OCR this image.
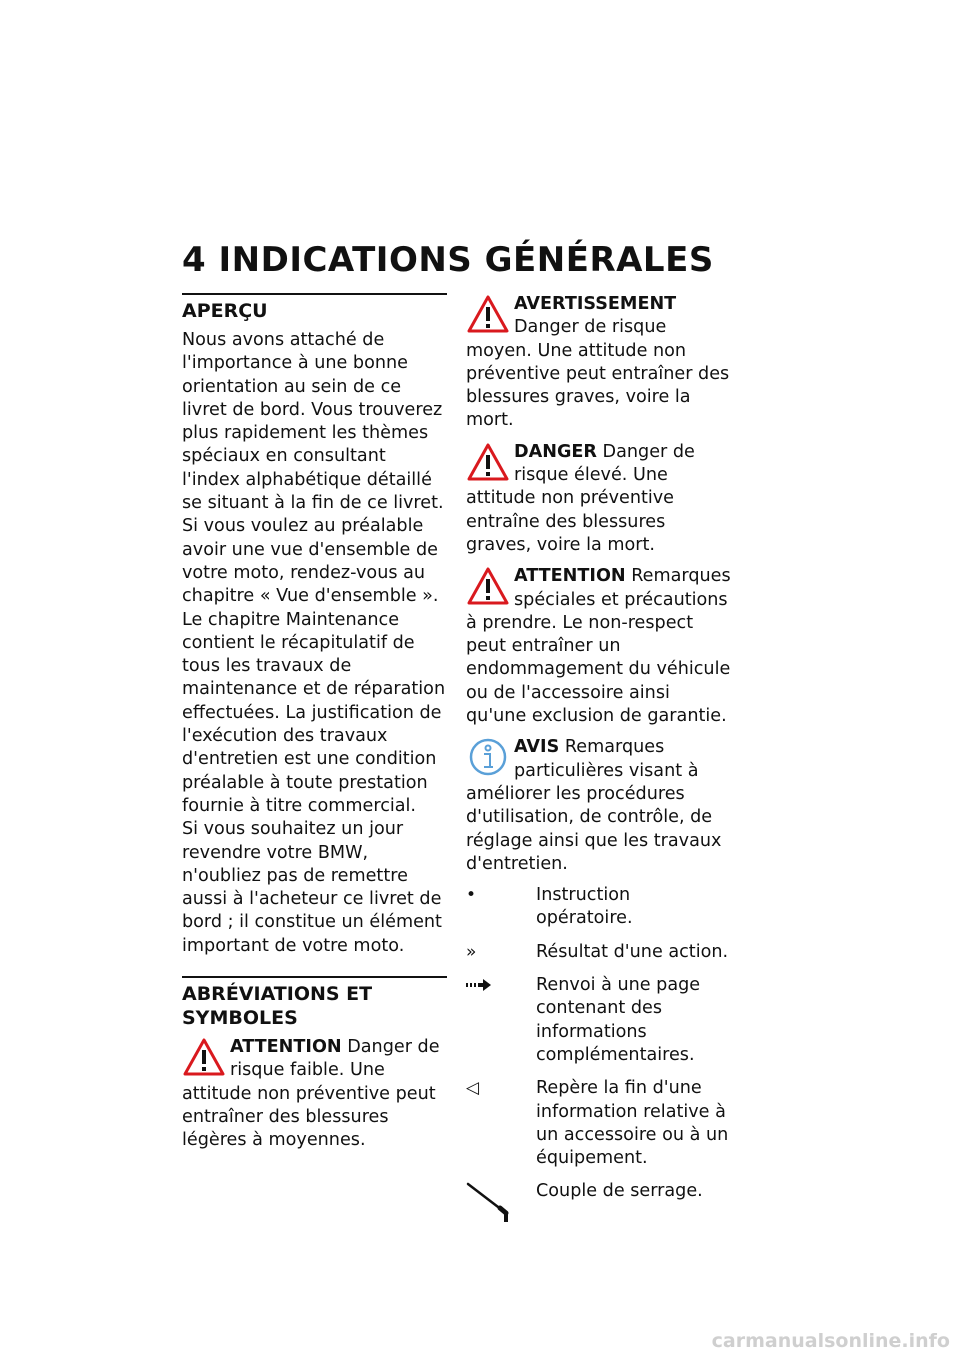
4 INDICATIONS GÉNÉRALES
APERÇU

Nous avons attaché de l'importance à une bonne orientation au sein de ce livret de bord. Vous trouverez plus rapidement les thèmes spéciaux en consultant l'index alphabétique détaillé se situant à la fin de ce livret. Si vous voulez au préalable avoir une vue d'ensemble de votre moto, rendez-vous au chapitre « Vue d'ensemble ». Le chapitre Maintenance contient le récapitulatif de tous les travaux de maintenance et de réparation effectuées. La justification de l'exécution des travaux d'entretien est une condition préalable à toute prestation fournie à titre commercial.

Si vous souhaitez un jour revendre votre BMW, n'oubliez pas de remettre aussi à l'acheteur ce livret de bord ; il constitue un élément important de votre moto.

ABRÉVIATIONS ET SYMBOLES

ATTENTION Danger de risque faible. Une attitude non préventive peut entraîner des blessures légères à moyennes.

AVERTISSEMENT Danger de risque moyen. Une attitude non préventive peut entraîner des blessures graves, voire la mort.

DANGER Danger de risque élevé. Une attitude non préventive entraîne des blessures graves, voire la mort.

ATTENTION Remarques spéciales et précautions à prendre. Le non-respect peut entraîner un endommagement du véhicule ou de l'accessoire ainsi qu'une exclusion de garantie.

AVIS Remarques particulières visant à améliorer les procédures d'utilisation, de contrôle, de réglage ainsi que les travaux d'entretien.

•	Instruction opératoire.
»	Résultat d'une action.
Renvoi à une page contenant des informations complémentaires.
◁	Repère la fin d'une information relative à un accessoire ou à un équipement.
Couple de serrage.
carmanualsonline.info
